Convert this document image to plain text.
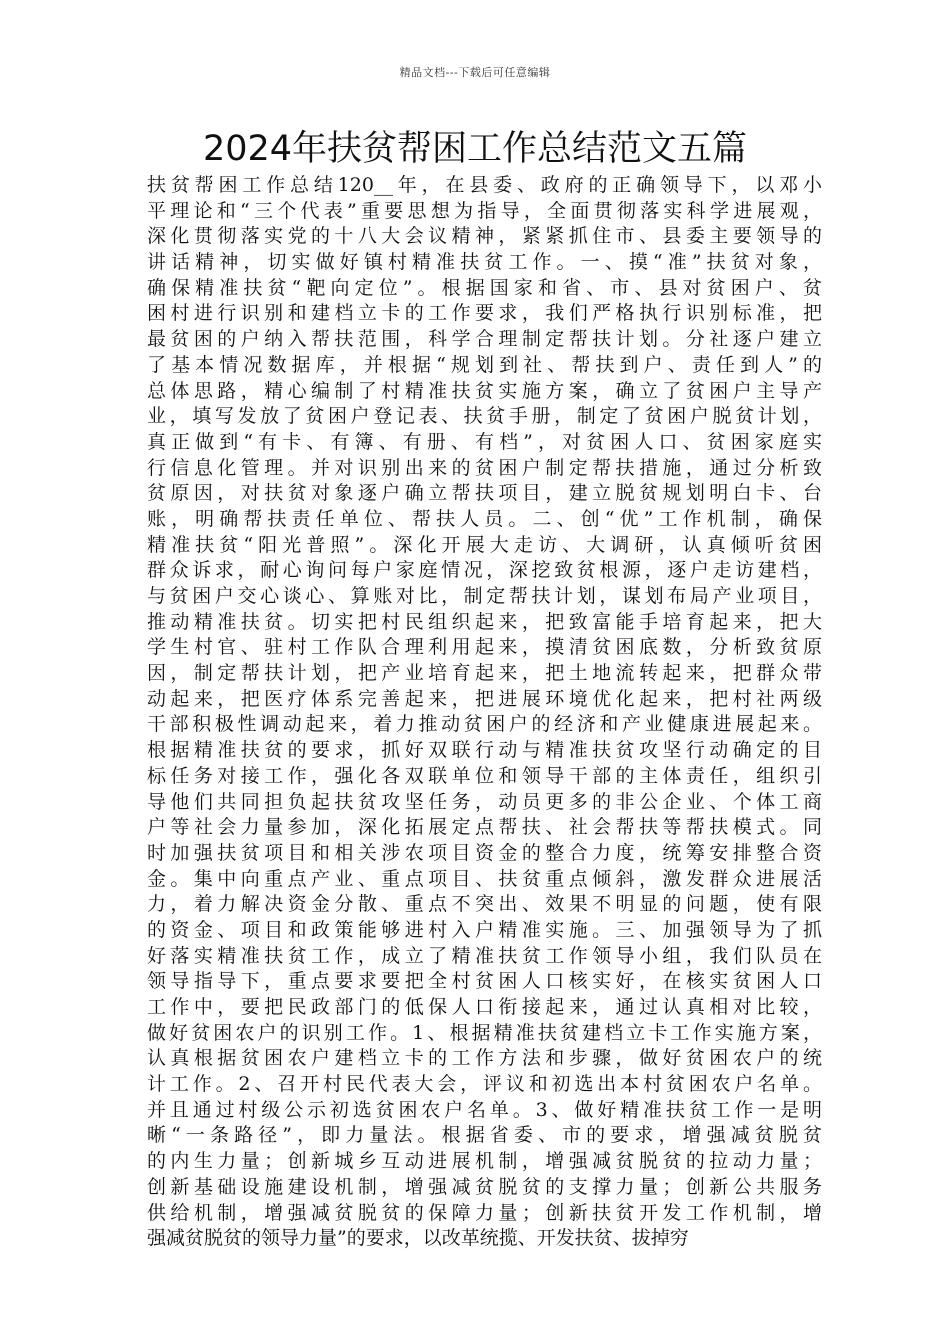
精品文档---下载后可任意编辑
2024年扶贫帮困工作总结范文五篇
扶贫帮困工作总结120__年，在县委、政府的正确领导下，以邓小
平理论和“三个代表”重要思想为指导，全面贯彻落实科学进展观，
深化贯彻落实党的十八大会议精神，紧紧抓住市、县委主要领导的
讲话精神，切实做好镇村精准扶贫工作。一、摸“准”扶贫对象，
确保精准扶贫“靶向定位”。根据国家和省、市、县对贫困户、贫
困村进行识别和建档立卡的工作要求，我们严格执行识别标准，把
最贫困的户纳入帮扶范围，科学合理制定帮扶计划。分社逐户建立
了基本情况数据库，并根据“规划到社、帮扶到户、责任到人”的
总体思路，精心编制了村精准扶贫实施方案，确立了贫困户主导产
业，填写发放了贫困户登记表、扶贫手册，制定了贫困户脱贫计划，
真正做到“有卡、有簿、有册、有档”，对贫困人口、贫困家庭实
行信息化管理。并对识别出来的贫困户制定帮扶措施，通过分析致
贫原因，对扶贫对象逐户确立帮扶项目，建立脱贫规划明白卡、台
账，明确帮扶责任单位、帮扶人员。二、创“优”工作机制，确保
精准扶贫“阳光普照”。深化开展大走访、大调研，认真倾听贫困
群众诉求，耐心询问每户家庭情况，深挖致贫根源，逐户走访建档，
与贫困户交心谈心、算账对比，制定帮扶计划，谋划布局产业项目，
推动精准扶贫。切实把村民组织起来，把致富能手培育起来，把大
学生村官、驻村工作队合理利用起来，摸清贫困底数，分析致贫原
因，制定帮扶计划，把产业培育起来，把土地流转起来，把群众带
动起来，把医疗体系完善起来，把进展环境优化起来，把村社两级
干部积极性调动起来，着力推动贫困户的经济和产业健康进展起来。
根据精准扶贫的要求，抓好双联行动与精准扶贫攻坚行动确定的目
标任务对接工作，强化各双联单位和领导干部的主体责任，组织引
导他们共同担负起扶贫攻坚任务，动员更多的非公企业、个体工商
户等社会力量参加，深化拓展定点帮扶、社会帮扶等帮扶模式。同
时加强扶贫项目和相关涉农项目资金的整合力度，统筹安排整合资
金。集中向重点产业、重点项目、扶贫重点倾斜，激发群众进展活
力，着力解决资金分散、重点不突出、效果不明显的问题，使有限
的资金、项目和政策能够进村入户精准实施。三、加强领导为了抓
好落实精准扶贫工作，成立了精准扶贫工作领导小组，我们队员在
领导指导下，重点要求要把全村贫困人口核实好，在核实贫困人口
工作中，要把民政部门的低保人口衔接起来，通过认真相对比较，
做好贫困农户的识别工作。1、根据精准扶贫建档立卡工作实施方案，
认真根据贫困农户建档立卡的工作方法和步骤，做好贫困农户的统
计工作。2、召开村民代表大会，评议和初选出本村贫困农户名单。
并且通过村级公示初选贫困农户名单。3、做好精准扶贫工作一是明
晰“一条路径”，即力量法。根据省委、市的要求，增强减贫脱贫
的内生力量；创新城乡互动进展机制，增强减贫脱贫的拉动力量；
创新基础设施建设机制，增强减贫脱贫的支撑力量；创新公共服务
供给机制，增强减贫脱贫的保障力量；创新扶贫开发工作机制，增
强减贫脱贫的领导力量”的要求，以改革统揽、开发扶贫、拔掉穷
